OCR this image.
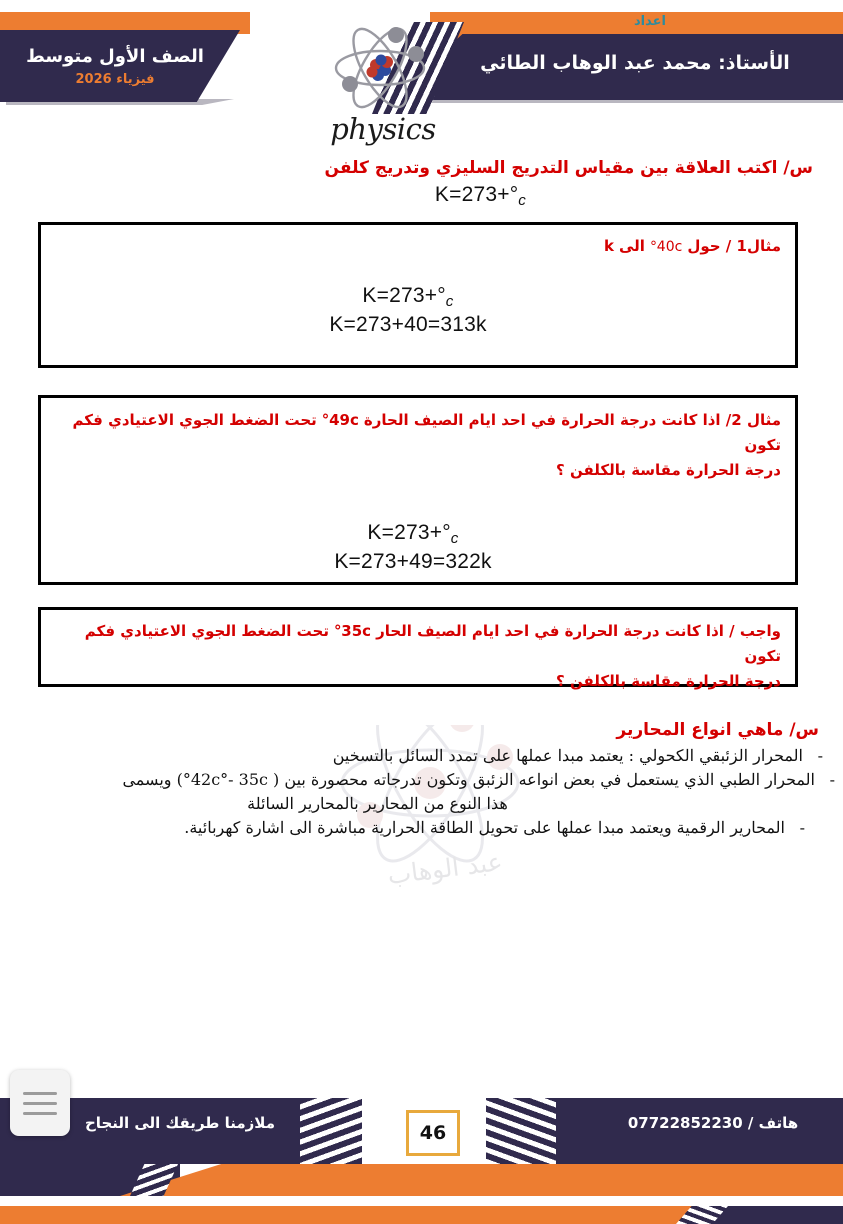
اعداد
الأستاذ: محمد عبد الوهاب الطائي
الصف الأول متوسط
فيزياء 2026
physics
عبد الوهاب
س/ اكتب العلاقة بين مقياس التدريج السليزي وتدريج كلفن
$K=273+^\circ_c$
مثال1 / حول 40c° الى k
$K=273+^\circ_c$
K=273+40=313k
مثال 2/ اذا كانت درجة الحرارة في احد ايام الصيف الحارة 49c° تحت الضغط الجوي الاعتيادي فكم تكون
درجة الحرارة مقاسة بالكلفن ؟
$K=273+^\circ_c$
K=273+49=322k
واجب / اذا كانت درجة الحرارة في احد ايام الصيف الحار 35c° تحت الضغط الجوي الاعتيادي فكم تكون
درجة الحرارة مقاسة بالكلفن ؟
س/ ماهي انواع المحارير
-
المحرار الزئبقي الكحولي : يعتمد مبدا عملها على تمدد السائل بالتسخين
-
المحرار الطبي الذي يستعمل في بعض انواعه الزئبق وتكون تدرجاته محصورة بين ( 42c°- 35c°) ويسمى
هذا النوع من المحارير بالمحارير السائلة
-
المحارير الرقمية ويعتمد مبدا عملها على تحويل الطاقة الحرارية مباشرة الى اشارة كهربائية.
ملازمنا طريقك الى النجاح	هاتف / 07722852230
46
